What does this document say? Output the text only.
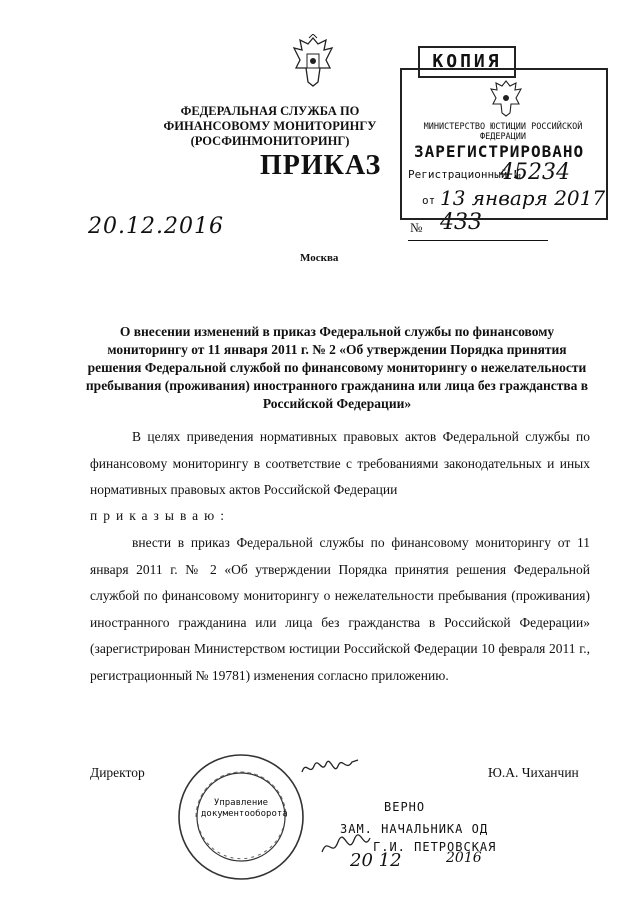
ФЕДЕРАЛЬНАЯ СЛУЖБА ПО ФИНАНСОВОМУ МОНИТОРИНГУ
(РОСФИНМОНИТОРИНГ)
ПРИКАЗ
20.12.2016	№ 433
Москва
КОПИЯ
МИНИСТЕРСТВО ЮСТИЦИИ РОССИЙСКОЙ ФЕДЕРАЦИИ
ЗАРЕГИСТРИРОВАНО
Регистрационный №
45234
от 13 января 2017
О внесении изменений в приказ Федеральной службы по финансовому мониторингу от 11 января 2011 г. № 2 «Об утверждении Порядка принятия решения Федеральной службой по финансовому мониторингу о нежелательности пребывания (проживания) иностранного гражданина или лица без гражданства в Российской Федерации»
В целях приведения нормативных правовых актов Федеральной службы по финансовому мониторингу в соответствие с требованиями законодательных и иных нормативных правовых актов Российской Федерации
приказываю:
внести в приказ Федеральной службы по финансовому мониторингу от 11 января 2011 г. № 2 «Об утверждении Порядка принятия решения Федеральной службой по финансовому мониторингу о нежелательности пребывания (проживания) иностранного гражданина или лица без гражданства в Российской Федерации» (зарегистрирован Министерством юстиции Российской Федерации 10 февраля 2011 г., регистрационный № 19781) изменения согласно приложению.
Директор	Ю.А. Чиханчин
Управление документооборота	ВЕРНО
ЗАМ. НАЧАЛЬНИКА ОД
Г.И. ПЕТРОВСКАЯ
20 12	2016
